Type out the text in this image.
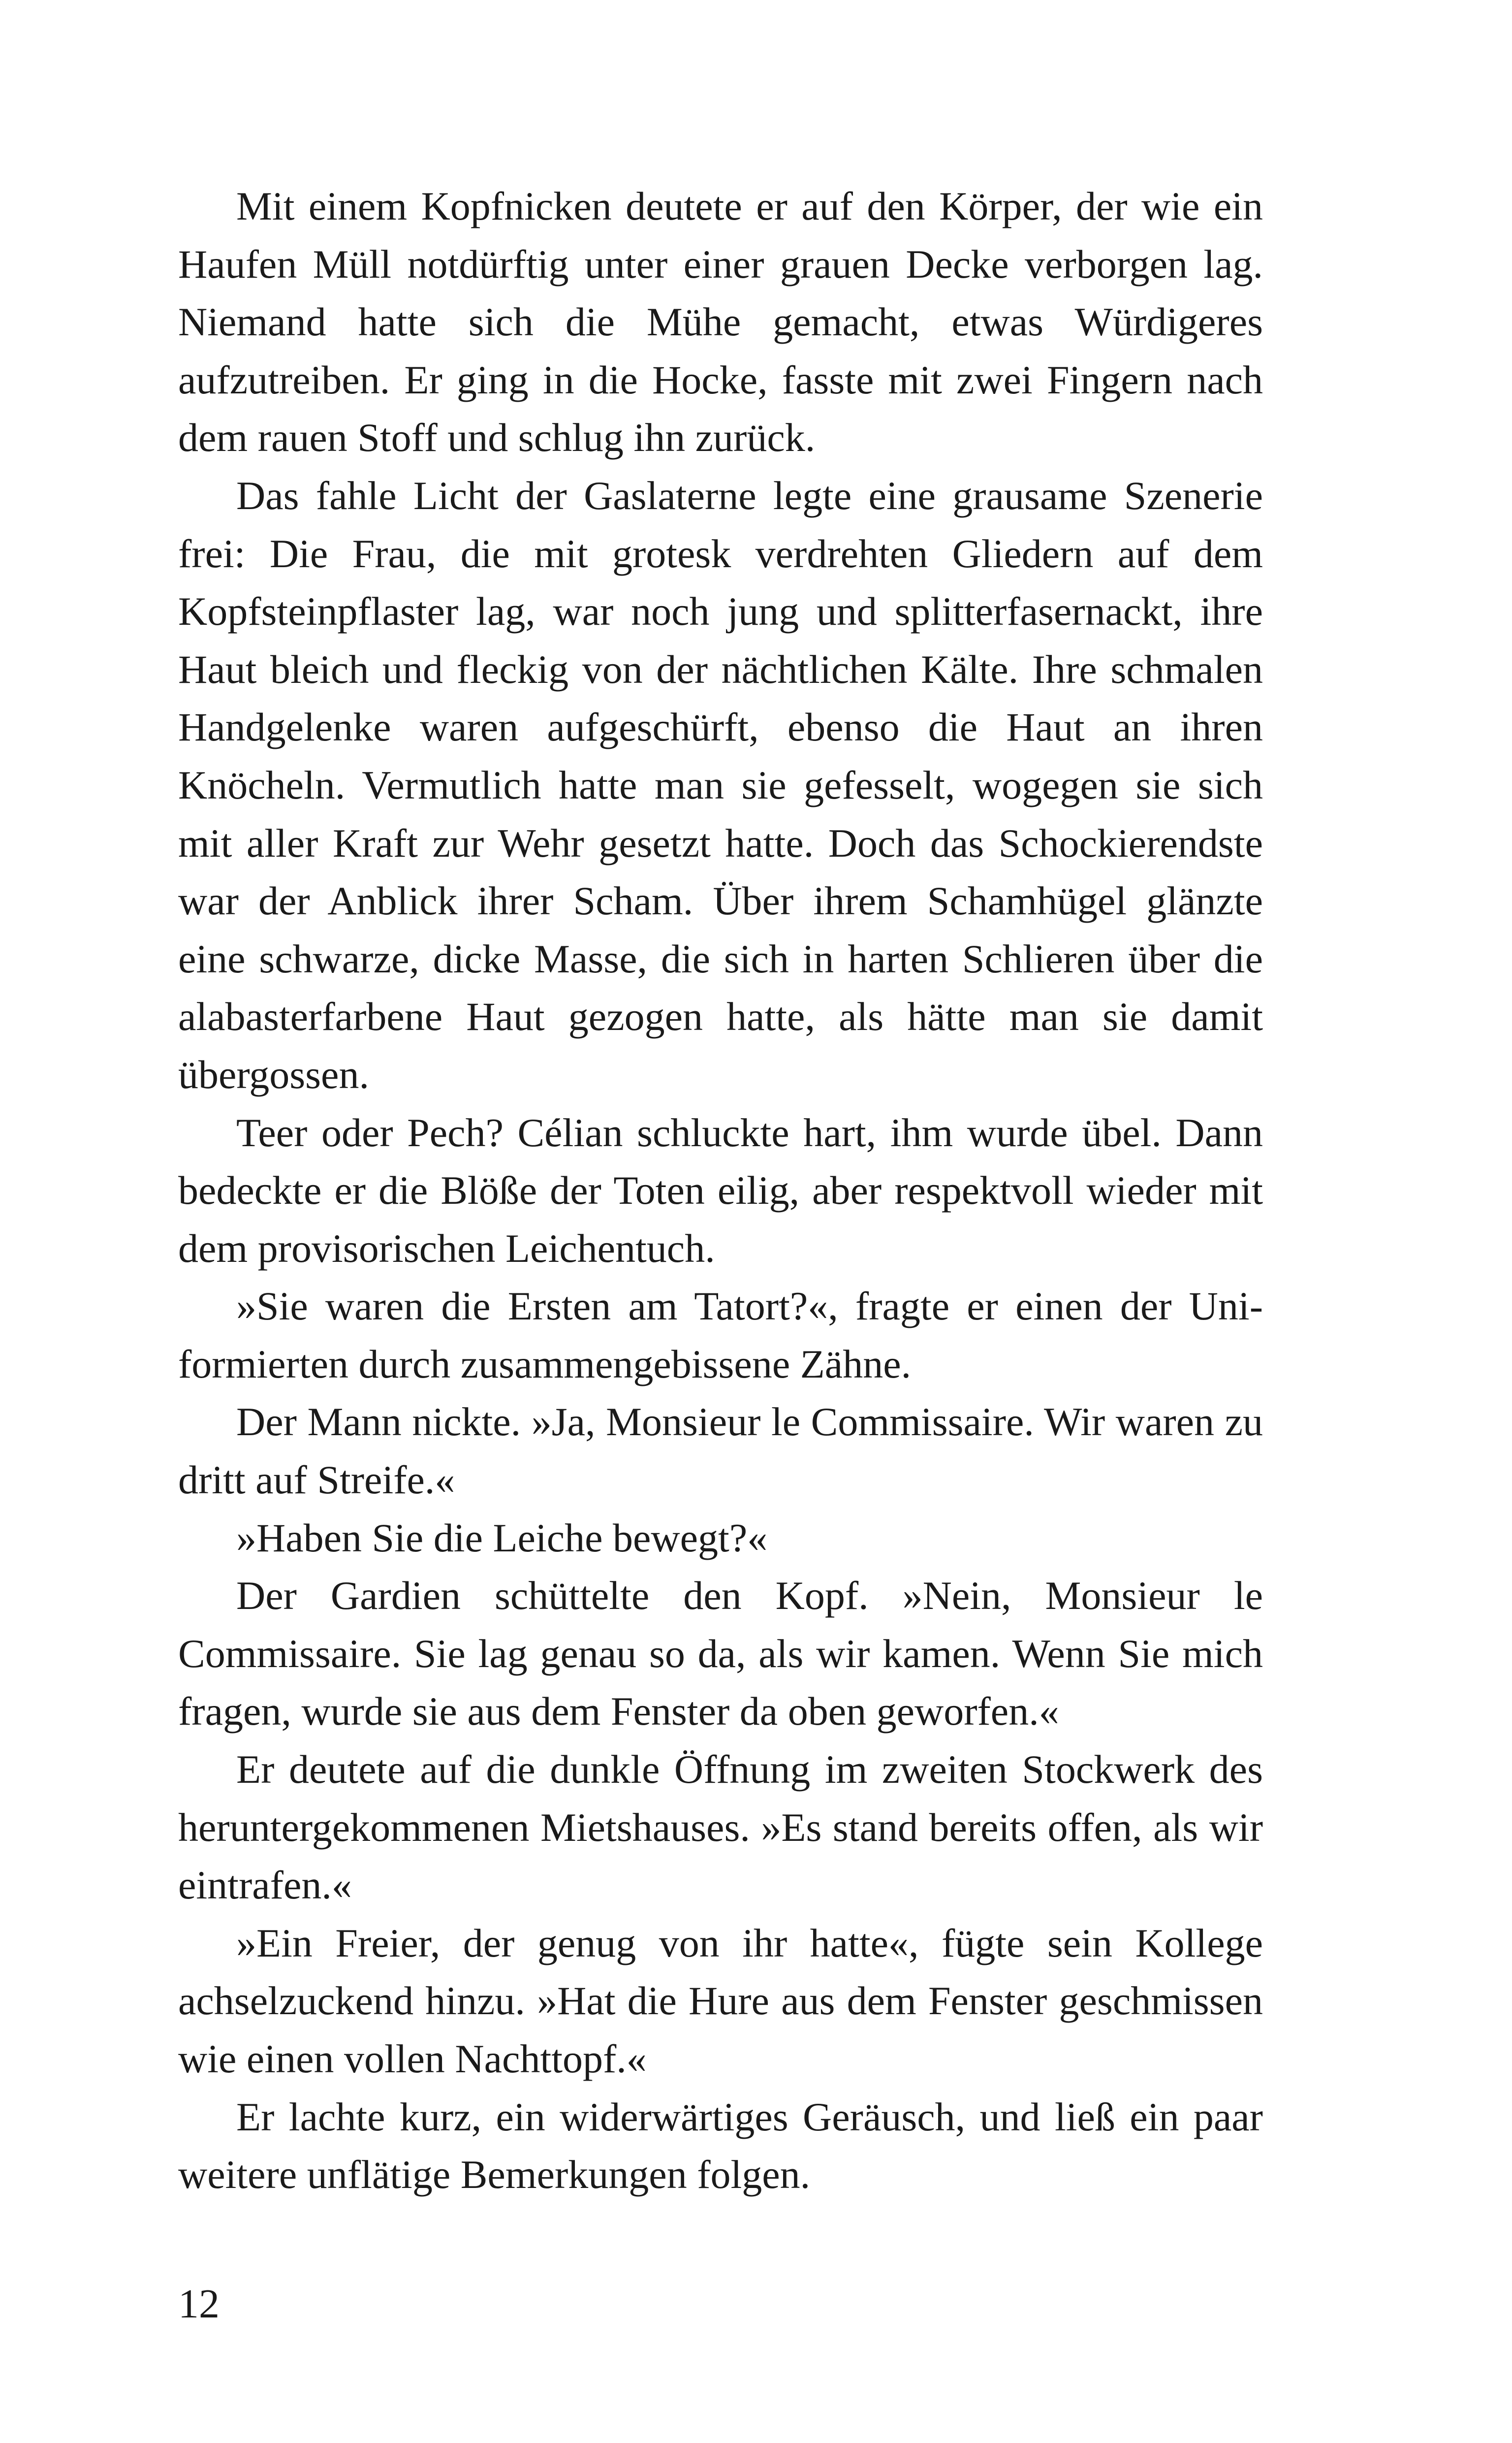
Mit einem Kopfnicken deutete er auf den Körper, der wie ein Haufen Müll notdürftig unter einer grauen Decke verborgen lag. Niemand hatte sich die Mühe gemacht, etwas Würdigeres aufzutreiben. Er ging in die Hocke, fasste mit zwei Fingern nach dem rauen Stoff und schlug ihn zurück.

Das fahle Licht der Gaslaterne legte eine grausame Szenerie frei: Die Frau, die mit grotesk verdrehten Gliedern auf dem Kopfsteinpflaster lag, war noch jung und splitterfasernackt, ihre Haut bleich und fleckig von der nächtlichen Kälte. Ihre schmalen Handgelenke waren aufgeschürft, ebenso die Haut an ihren Knöcheln. Vermutlich hatte man sie gefesselt, wogegen sie sich mit aller Kraft zur Wehr gesetzt hatte. Doch das Schockierendste war der Anblick ihrer Scham. Über ihrem Schamhügel glänzte eine schwarze, dicke Masse, die sich in harten Schlieren über die alabasterfarbene Haut gezogen hatte, als hätte man sie damit übergossen.

Teer oder Pech? Célian schluckte hart, ihm wurde übel. Dann bedeckte er die Blöße der Toten eilig, aber respektvoll wieder mit dem provisorischen Leichentuch.

»Sie waren die Ersten am Tatort?«, fragte er einen der Uniformierten durch zusammengebissene Zähne.

Der Mann nickte. »Ja, Monsieur le Commissaire. Wir waren zu dritt auf Streife.«

»Haben Sie die Leiche bewegt?«

Der Gardien schüttelte den Kopf. »Nein, Monsieur le Commissaire. Sie lag genau so da, als wir kamen. Wenn Sie mich fragen, wurde sie aus dem Fenster da oben geworfen.«

Er deutete auf die dunkle Öffnung im zweiten Stockwerk des heruntergekommenen Mietshauses. »Es stand bereits offen, als wir eintrafen.«

»Ein Freier, der genug von ihr hatte«, fügte sein Kollege achselzuckend hinzu. »Hat die Hure aus dem Fenster geschmissen wie einen vollen Nachttopf.«

Er lachte kurz, ein widerwärtiges Geräusch, und ließ ein paar weitere unflätige Bemerkungen folgen.

12
